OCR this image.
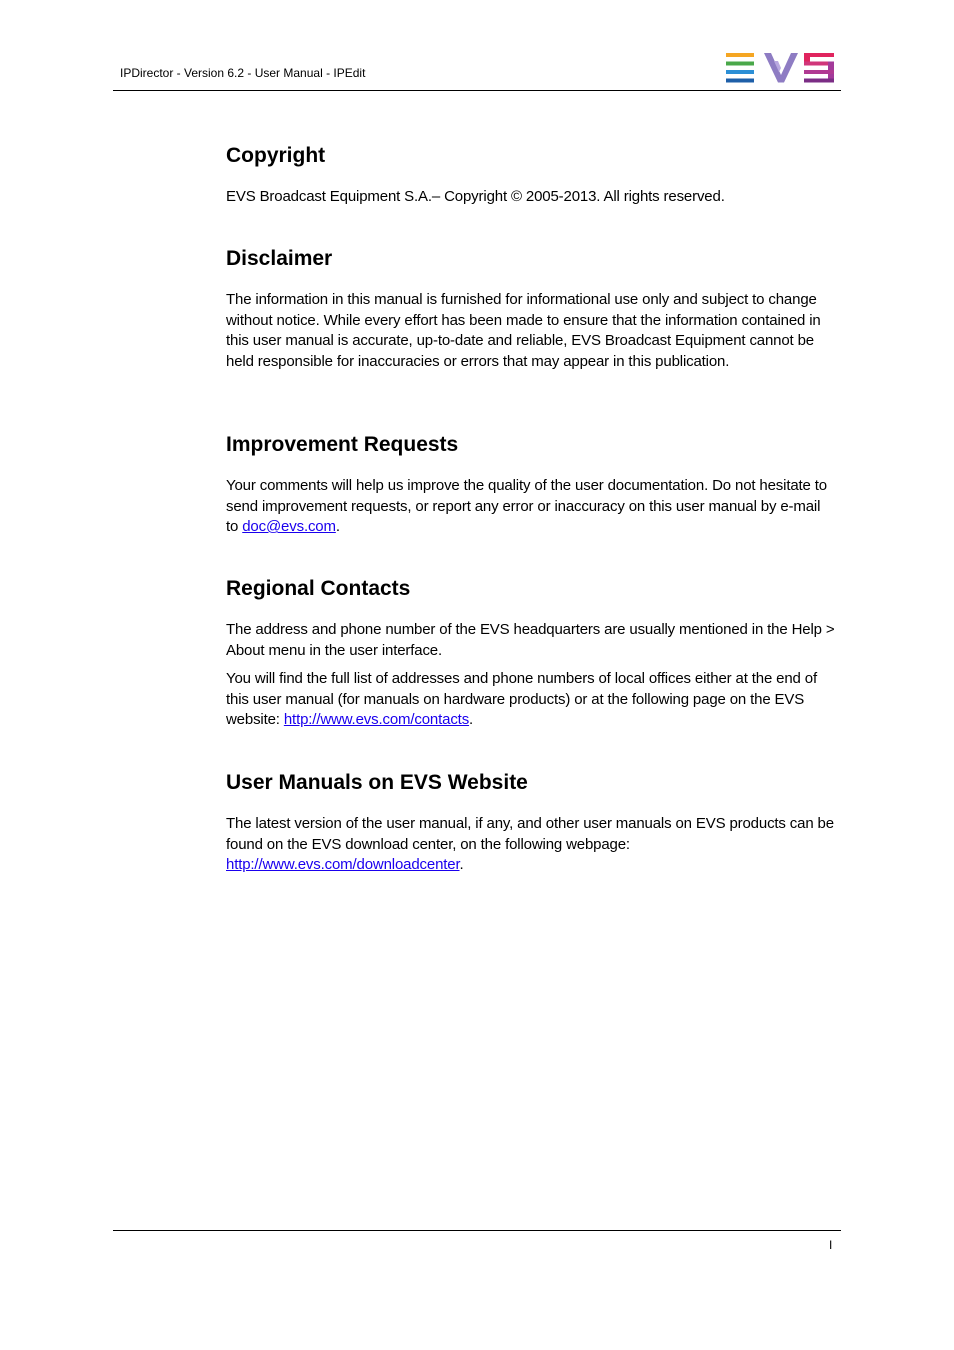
IPDirector - Version 6.2 - User Manual - IPEdit
Copyright

EVS Broadcast Equipment S.A.– Copyright © 2005-2013. All rights reserved.

Disclaimer

The information in this manual is furnished for informational use only and subject to change without notice. While every effort has been made to ensure that the information contained in this user manual is accurate, up-to-date and reliable, EVS Broadcast Equipment cannot be held responsible for inaccuracies or errors that may appear in this publication.

Improvement Requests

Your comments will help us improve the quality of the user documentation. Do not hesitate to send improvement requests, or report any error or inaccuracy on this user manual by e-mail to doc@evs.com.

Regional Contacts

The address and phone number of the EVS headquarters are usually mentioned in the Help > About menu in the user interface.

You will find the full list of addresses and phone numbers of local offices either at the end of this user manual (for manuals on hardware products) or at the following page on the EVS website: http://www.evs.com/contacts.

User Manuals on EVS Website

The latest version of the user manual, if any, and other user manuals on EVS products can be found on the EVS download center, on the following webpage: http://www.evs.com/downloadcenter.

I
